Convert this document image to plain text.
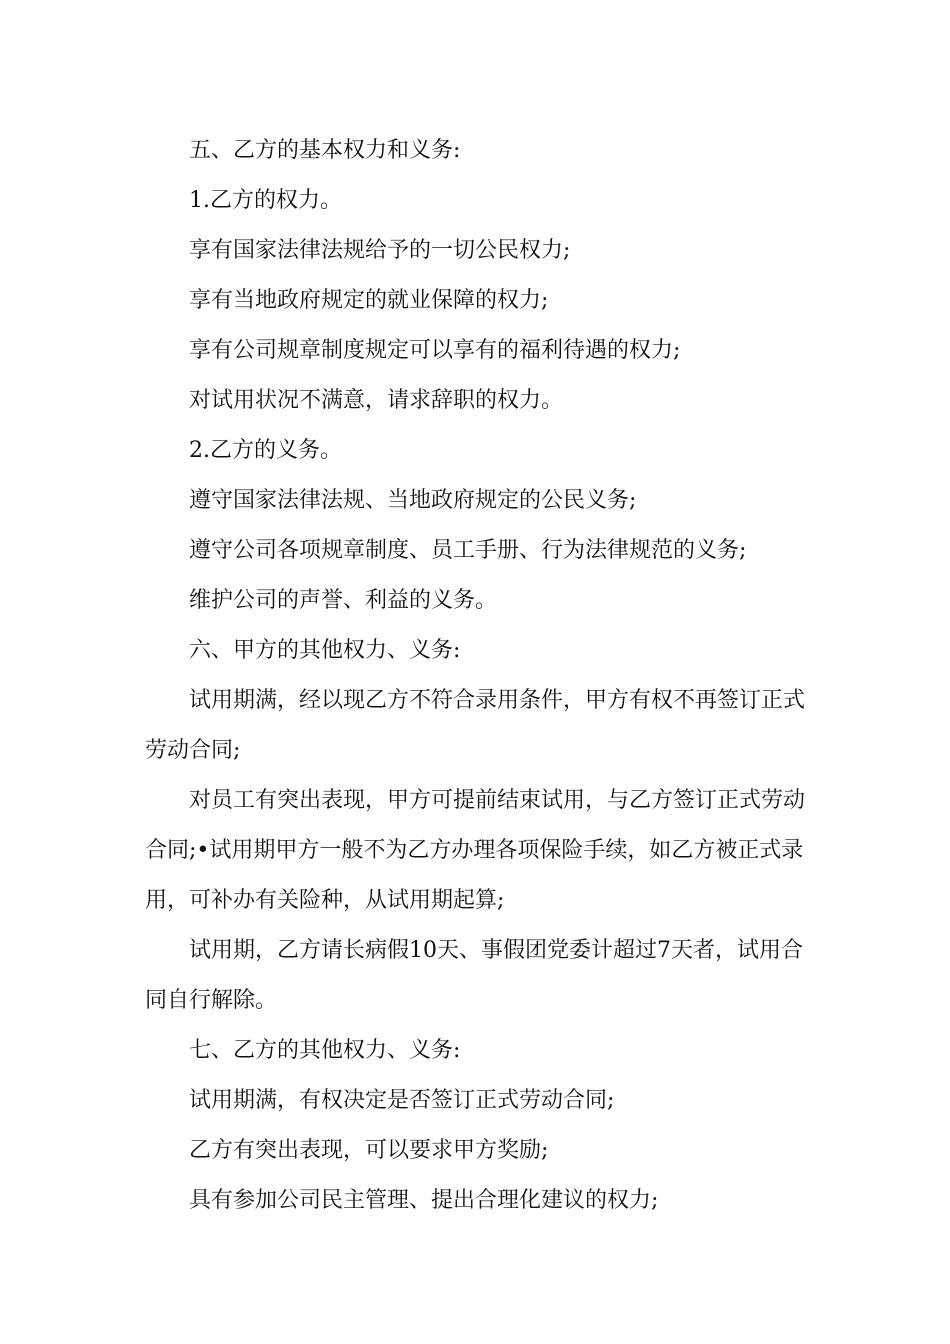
五、乙方的基本权力和义务:

1.乙方的权力。

享有国家法律法规给予的一切公民权力;

享有当地政府规定的就业保障的权力;

享有公司规章制度规定可以享有的福利待遇的权力;

对试用状况不满意，请求辞职的权力。

2.乙方的义务。

遵守国家法律法规、当地政府规定的公民义务;

遵守公司各项规章制度、员工手册、行为法律规范的义务;

维护公司的声誉、利益的义务。

六、甲方的其他权力、义务:

试用期满，经以现乙方不符合录用条件，甲方有权不再签订正式劳动合同;

对员工有突出表现，甲方可提前结束试用，与乙方签订正式劳动合同;•试用期甲方一般不为乙方办理各项保险手续，如乙方被正式录用，可补办有关险种，从试用期起算;

试用期，乙方请长病假10天、事假团党委计超过7天者，试用合同自行解除。

七、乙方的其他权力、义务:

试用期满，有权决定是否签订正式劳动合同;

乙方有突出表现，可以要求甲方奖励;

具有参加公司民主管理、提出合理化建议的权力;
